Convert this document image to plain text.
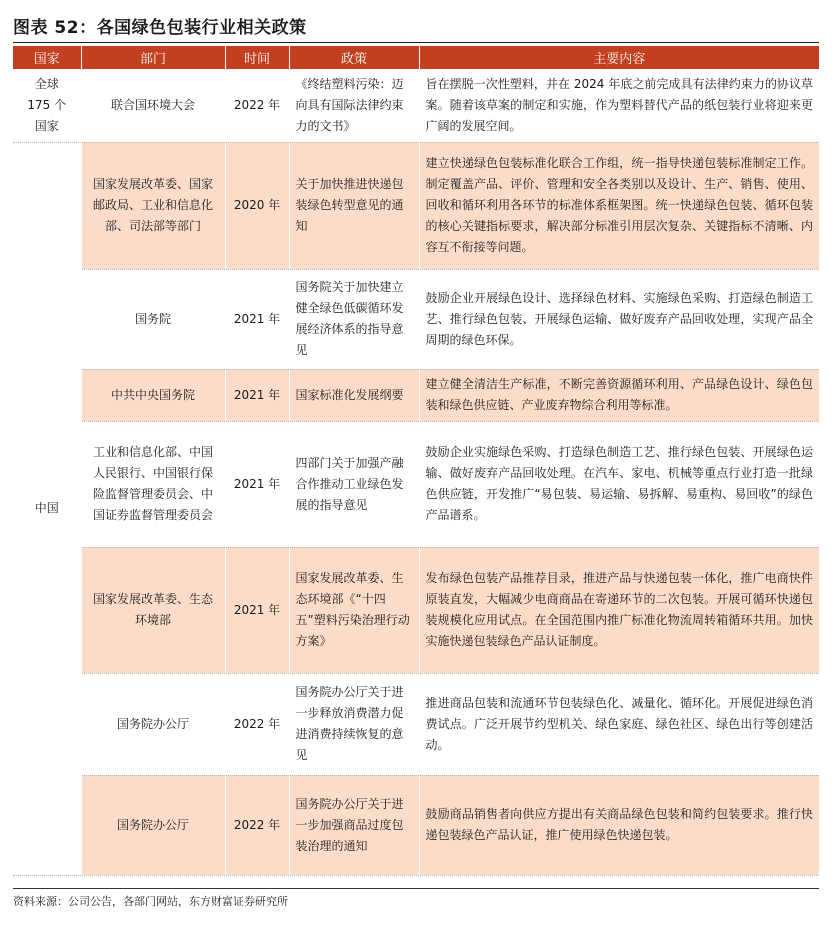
图表 52：各国绿色包装行业相关政策
国家	部门	时间	政策	主要内容
全球
175 个
国家	联合国环境大会	2022 年	《终结塑料污染：迈向具有国际法律约束力的文书》	旨在摆脱一次性塑料，并在 2024 年底之前完成具有法律约束力的协议草案。随着该草案的制定和实施，作为塑料替代产品的纸包装行业将迎来更广阔的发展空间。
中国	国家发展改革委、国家邮政局、工业和信息化部、司法部等部门	2020 年	关于加快推进快递包装绿色转型意见的通知	建立快递绿色包装标准化联合工作组，统一指导快递包装标准制定工作。制定覆盖产品、评价、管理和安全各类别以及设计、生产、销售、使用、回收和循环利用各环节的标准体系框架图。统一快递绿色包装、循环包装的核心关键指标要求，解决部分标准引用层次复杂、关键指标不清晰、内容互不衔接等问题。
	国务院	2021 年	国务院关于加快建立健全绿色低碳循环发展经济体系的指导意见	鼓励企业开展绿色设计、选择绿色材料、实施绿色采购、打造绿色制造工艺、推行绿色包装、开展绿色运输、做好废弃产品回收处理，实现产品全周期的绿色环保。
	中共中央国务院	2021 年	国家标准化发展纲要	建立健全清洁生产标准，不断完善资源循环利用、产品绿色设计、绿色包装和绿色供应链、产业废弃物综合利用等标准。
	工业和信息化部、中国人民银行、中国银行保险监督管理委员会、中国证券监督管理委员会	2021 年	四部门关于加强产融合作推动工业绿色发展的指导意见	鼓励企业实施绿色采购、打造绿色制造工艺、推行绿色包装、开展绿色运输、做好废弃产品回收处理。在汽车、家电、机械等重点行业打造一批绿色供应链，开发推广“易包装、易运输、易拆解、易重构、易回收”的绿色产品谱系。
	国家发展改革委、生态环境部	2021 年	国家发展改革委、生态环境部《“十四五”塑料污染治理行动方案》	发布绿色包装产品推荐目录，推进产品与快递包装一体化，推广电商快件原装直发，大幅减少电商商品在寄递环节的二次包装。开展可循环快递包装规模化应用试点。在全国范围内推广标准化物流周转箱循环共用。加快实施快递包装绿色产品认证制度。
	国务院办公厅	2022 年	国务院办公厅关于进一步释放消费潜力促进消费持续恢复的意见	推进商品包装和流通环节包装绿色化、减量化、循环化。开展促进绿色消费试点。广泛开展节约型机关、绿色家庭、绿色社区、绿色出行等创建活动。
	国务院办公厅	2022 年	国务院办公厅关于进一步加强商品过度包装治理的通知	鼓励商品销售者向供应方提出有关商品绿色包装和简约包装要求。推行快递包装绿色产品认证，推广使用绿色快递包装。
资料来源：公司公告，各部门网站，东方财富证券研究所
